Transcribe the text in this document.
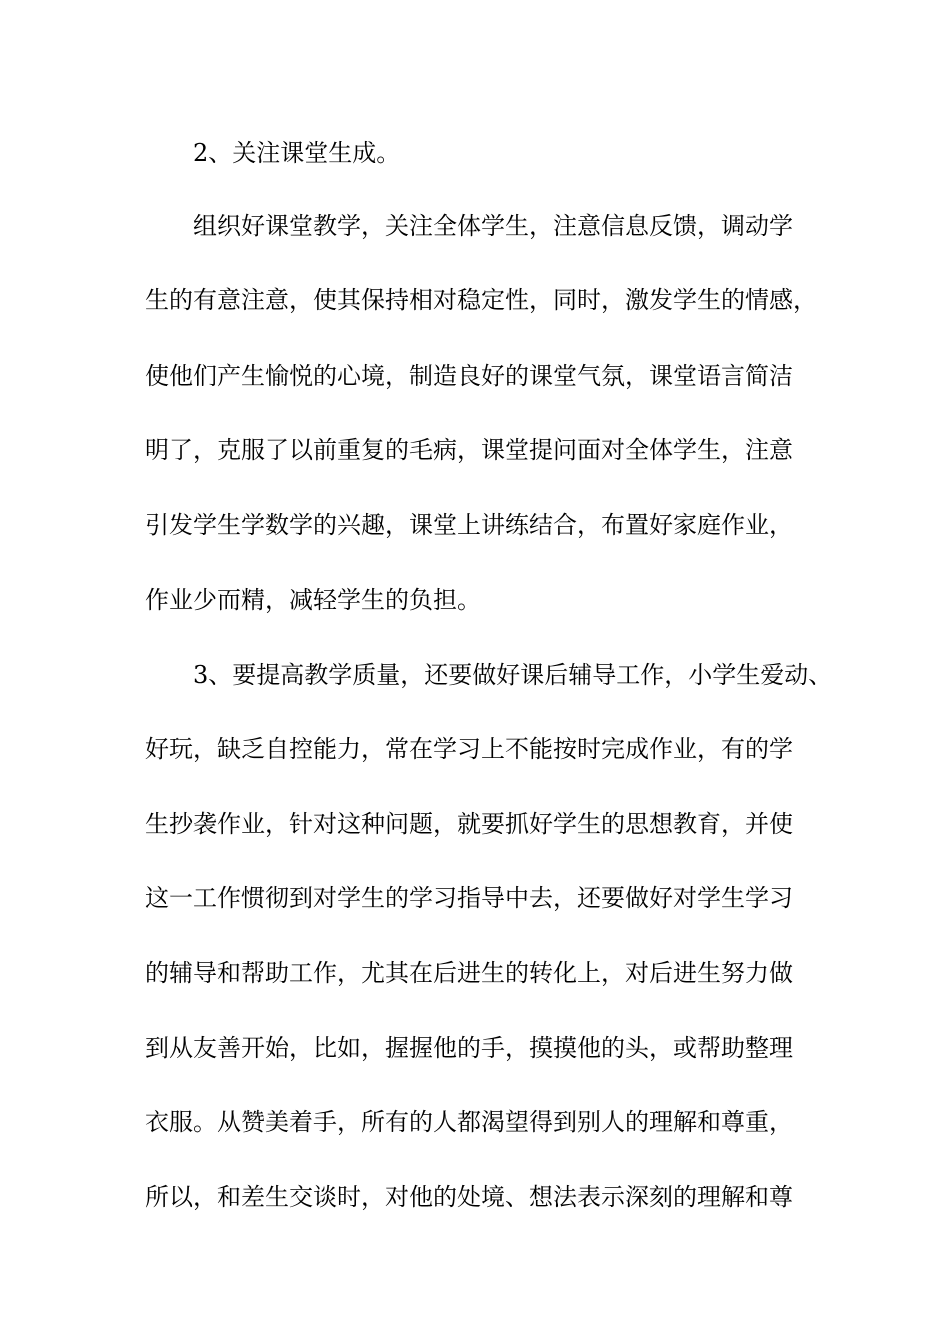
2、关注课堂生成。
组织好课堂教学，关注全体学生，注意信息反馈，调动学
生的有意注意，使其保持相对稳定性，同时，激发学生的情感，
使他们产生愉悦的心境，制造良好的课堂气氛，课堂语言简洁
明了，克服了以前重复的毛病，课堂提问面对全体学生，注意
引发学生学数学的兴趣，课堂上讲练结合，布置好家庭作业，
作业少而精，减轻学生的负担。
3、要提高教学质量，还要做好课后辅导工作，小学生爱动、
好玩，缺乏自控能力，常在学习上不能按时完成作业，有的学
生抄袭作业，针对这种问题，就要抓好学生的思想教育，并使
这一工作惯彻到对学生的学习指导中去，还要做好对学生学习
的辅导和帮助工作，尤其在后进生的转化上，对后进生努力做
到从友善开始，比如，握握他的手，摸摸他的头，或帮助整理
衣服。从赞美着手，所有的人都渴望得到别人的理解和尊重，
所以，和差生交谈时，对他的处境、想法表示深刻的理解和尊
